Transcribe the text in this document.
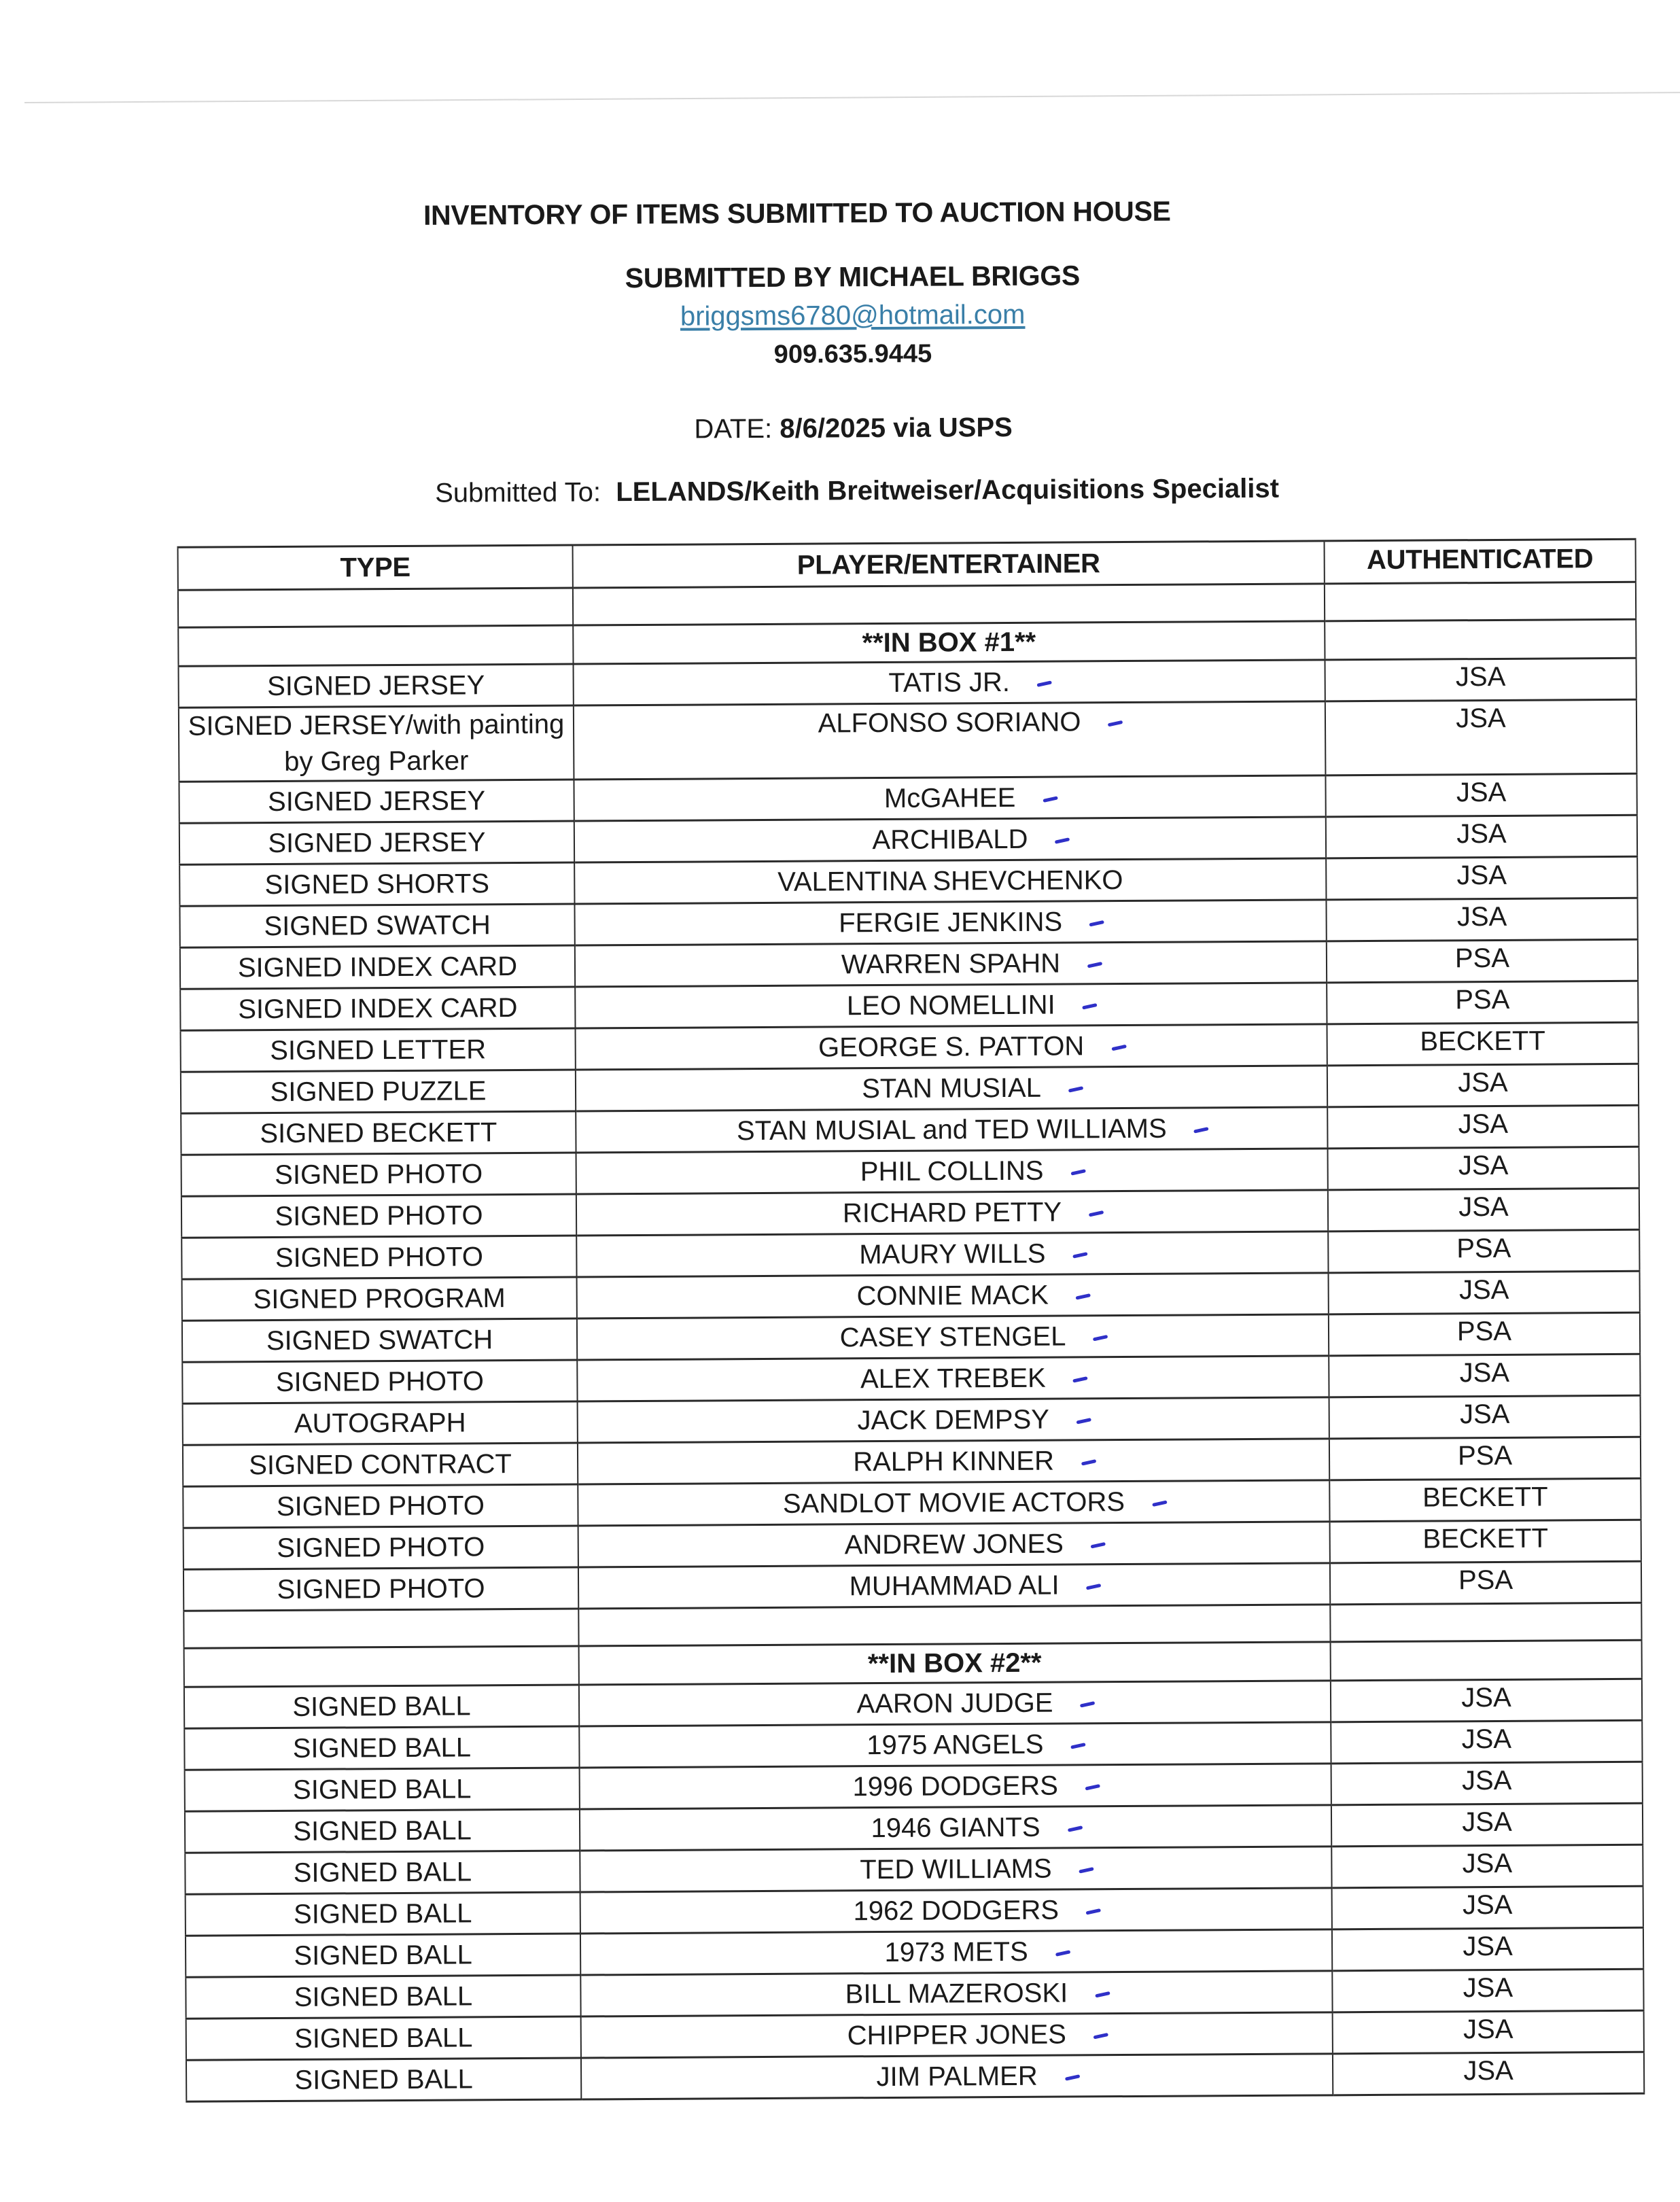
INVENTORY OF ITEMS SUBMITTED TO AUCTION HOUSE
SUBMITTED BY MICHAEL BRIGGS
briggsms6780@hotmail.com
909.635.9445
DATE: 8/6/2025 via USPS
Submitted To: LELANDS/Keith Breitweiser/Acquisitions Specialist
TYPE	PLAYER/ENTERTAINER	AUTHENTICATED

	**IN BOX #1**	
SIGNED JERSEY	TATIS JR.	JSA
SIGNED JERSEY/with painting by Greg Parker	ALFONSO SORIANO	JSA
SIGNED JERSEY	McGAHEE	JSA
SIGNED JERSEY	ARCHIBALD	JSA
SIGNED SHORTS	VALENTINA SHEVCHENKO	JSA
SIGNED SWATCH	FERGIE JENKINS	JSA
SIGNED INDEX CARD	WARREN SPAHN	PSA
SIGNED INDEX CARD	LEO NOMELLINI	PSA
SIGNED LETTER	GEORGE S. PATTON	BECKETT
SIGNED PUZZLE	STAN MUSIAL	JSA
SIGNED BECKETT	STAN MUSIAL and TED WILLIAMS	JSA
SIGNED PHOTO	PHIL COLLINS	JSA
SIGNED PHOTO	RICHARD PETTY	JSA
SIGNED PHOTO	MAURY WILLS	PSA
SIGNED PROGRAM	CONNIE MACK	JSA
SIGNED SWATCH	CASEY STENGEL	PSA
SIGNED PHOTO	ALEX TREBEK	JSA
AUTOGRAPH	JACK DEMPSY	JSA
SIGNED CONTRACT	RALPH KINNER	PSA
SIGNED PHOTO	SANDLOT MOVIE ACTORS	BECKETT
SIGNED PHOTO	ANDREW JONES	BECKETT
SIGNED PHOTO	MUHAMMAD ALI	PSA

	**IN BOX #2**	
SIGNED BALL	AARON JUDGE	JSA
SIGNED BALL	1975 ANGELS	JSA
SIGNED BALL	1996 DODGERS	JSA
SIGNED BALL	1946 GIANTS	JSA
SIGNED BALL	TED WILLIAMS	JSA
SIGNED BALL	1962 DODGERS	JSA
SIGNED BALL	1973 METS	JSA
SIGNED BALL	BILL MAZEROSKI	JSA
SIGNED BALL	CHIPPER JONES	JSA
SIGNED BALL	JIM PALMER	JSA
